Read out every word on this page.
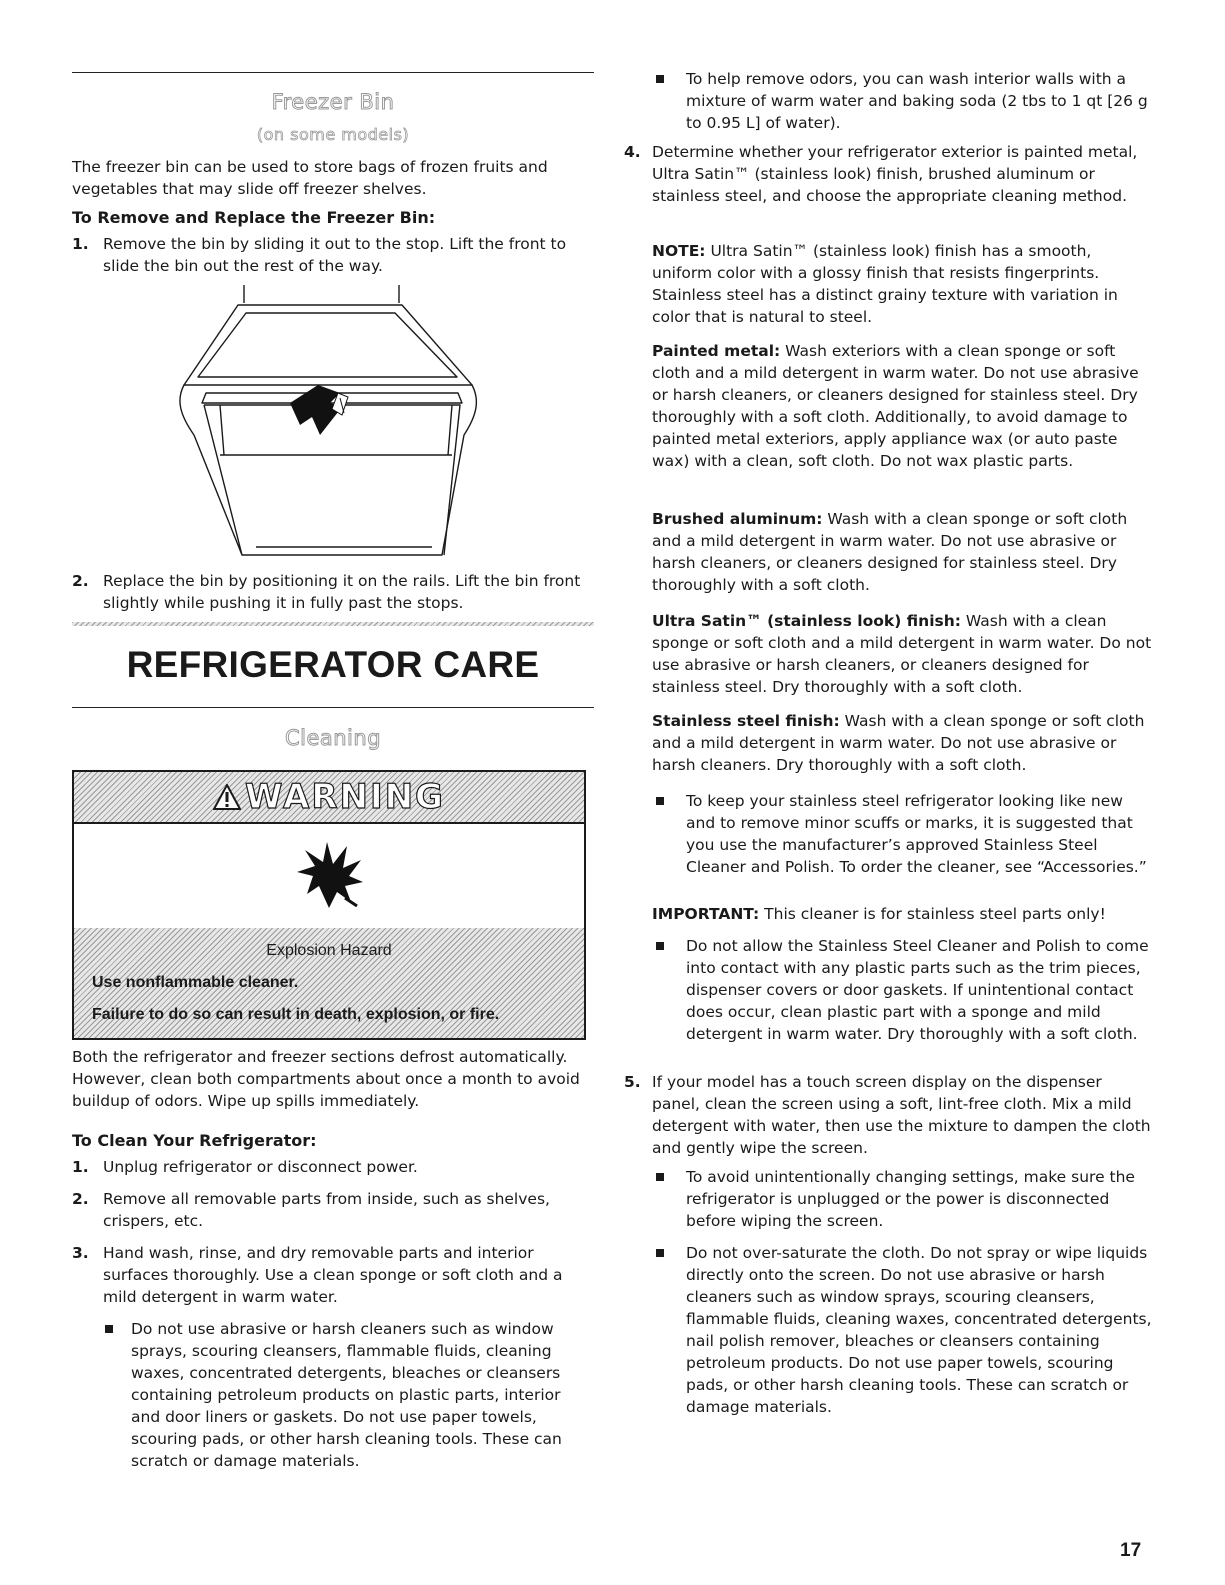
Freezer Bin
(on some models)

The freezer bin can be used to store bags of frozen fruits and vegetables that may slide off freezer shelves.

To Remove and Replace the Freezer Bin:
1. Remove the bin by sliding it out to the stop. Lift the front to slide the bin out the rest of the way.
2. Replace the bin by positioning it on the rails. Lift the bin front slightly while pushing it in fully past the stops.
REFRIGERATOR CARE
Cleaning
WARNING
Explosion Hazard
Use nonflammable cleaner.
Failure to do so can result in death, explosion, or fire.

Both the refrigerator and freezer sections defrost automatically. However, clean both compartments about once a month to avoid buildup of odors. Wipe up spills immediately.

To Clean Your Refrigerator:
1. Unplug refrigerator or disconnect power.
2. Remove all removable parts from inside, such as shelves, crispers, etc.
3. Hand wash, rinse, and dry removable parts and interior surfaces thoroughly. Use a clean sponge or soft cloth and a mild detergent in warm water.
Do not use abrasive or harsh cleaners such as window sprays, scouring cleansers, flammable fluids, cleaning waxes, concentrated detergents, bleaches or cleansers containing petroleum products on plastic parts, interior and door liners or gaskets. Do not use paper towels, scouring pads, or other harsh cleaning tools. These can scratch or damage materials.
To help remove odors, you can wash interior walls with a mixture of warm water and baking soda (2 tbs to 1 qt [26 g to 0.95 L] of water).
4. Determine whether your refrigerator exterior is painted metal, Ultra Satin™ (stainless look) finish, brushed aluminum or stainless steel, and choose the appropriate cleaning method.

NOTE: Ultra Satin™ (stainless look) finish has a smooth, uniform color with a glossy finish that resists fingerprints. Stainless steel has a distinct grainy texture with variation in color that is natural to steel.

Painted metal: Wash exteriors with a clean sponge or soft cloth and a mild detergent in warm water. Do not use abrasive or harsh cleaners, or cleaners designed for stainless steel. Dry thoroughly with a soft cloth. Additionally, to avoid damage to painted metal exteriors, apply appliance wax (or auto paste wax) with a clean, soft cloth. Do not wax plastic parts.

Brushed aluminum: Wash with a clean sponge or soft cloth and a mild detergent in warm water. Do not use abrasive or harsh cleaners, or cleaners designed for stainless steel. Dry thoroughly with a soft cloth.

Ultra Satin™ (stainless look) finish: Wash with a clean sponge or soft cloth and a mild detergent in warm water. Do not use abrasive or harsh cleaners, or cleaners designed for stainless steel. Dry thoroughly with a soft cloth.

Stainless steel finish: Wash with a clean sponge or soft cloth and a mild detergent in warm water. Do not use abrasive or harsh cleaners. Dry thoroughly with a soft cloth.

To keep your stainless steel refrigerator looking like new and to remove minor scuffs or marks, it is suggested that you use the manufacturer’s approved Stainless Steel Cleaner and Polish. To order the cleaner, see “Accessories.”

IMPORTANT: This cleaner is for stainless steel parts only!

Do not allow the Stainless Steel Cleaner and Polish to come into contact with any plastic parts such as the trim pieces, dispenser covers or door gaskets. If unintentional contact does occur, clean plastic part with a sponge and mild detergent in warm water. Dry thoroughly with a soft cloth.
5. If your model has a touch screen display on the dispenser panel, clean the screen using a soft, lint-free cloth. Mix a mild detergent with water, then use the mixture to dampen the cloth and gently wipe the screen.
To avoid unintentionally changing settings, make sure the refrigerator is unplugged or the power is disconnected before wiping the screen.
Do not over-saturate the cloth. Do not spray or wipe liquids directly onto the screen. Do not use abrasive or harsh cleaners such as window sprays, scouring cleansers, flammable fluids, cleaning waxes, concentrated detergents, nail polish remover, bleaches or cleansers containing petroleum products. Do not use paper towels, scouring pads, or other harsh cleaning tools. These can scratch or damage materials.
17
